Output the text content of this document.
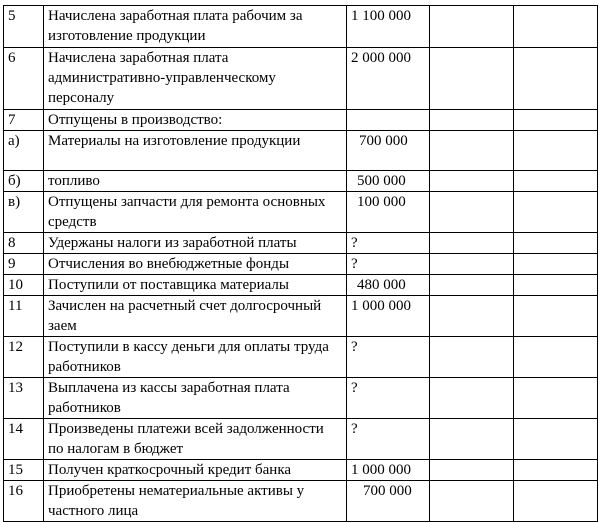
5	Начислена заработная плата рабочим за изготовление продукции	1 100 000		
6	Начислена заработная плата административно-управленческому персоналу	2 000 000		
7	Отпущены в производство:			
а)	Материалы на изготовление продукции	700 000		
б)	топливо	500 000		
в)	Отпущены запчасти для ремонта основных средств	100 000		
8	Удержаны налоги из заработной платы	?		
9	Отчисления во внебюджетные фонды	?		
10	Поступили от поставщика материалы	480 000		
11	Зачислен на расчетный счет долгосрочный заем	1 000 000		
12	Поступили в кассу деньги для оплаты труда работников	?		
13	Выплачена из кассы заработная плата работников	?		
14	Произведены платежи всей задолженности по налогам в бюджет	?		
15	Получен краткосрочный кредит банка	1 000 000		
16	Приобретены нематериальные активы у частного лица	700 000		
